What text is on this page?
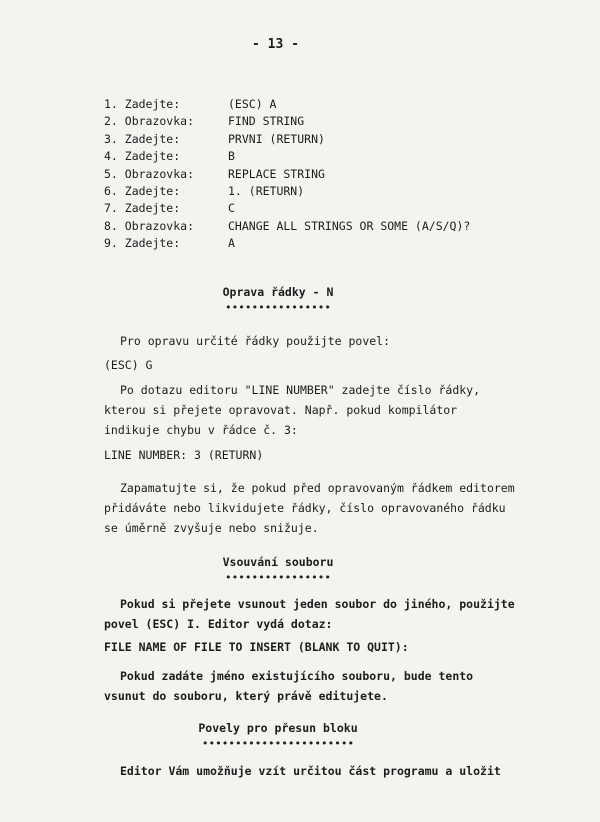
- 13 -
1. Zadejte:	(ESC) A
2. Obrazovka:	FIND STRING
3. Zadejte:	PRVNI (RETURN)
4. Zadejte:	B
5. Obrazovka:	REPLACE STRING
6. Zadejte:	1. (RETURN)
7. Zadejte:	C
8. Obrazovka:	CHANGE ALL STRINGS OR SOME (A/S/Q)?
9. Zadejte:	A
Oprava řádky - N
••••••••••••••••
Pro opravu určité řádky použijte povel:
(ESC) G
Po dotazu editoru "LINE NUMBER" zadejte číslo řádky, kterou si přejete opravovat. Např. pokud kompilátor indikuje chybu v řádce č. 3:
LINE NUMBER: 3 (RETURN)
Zapamatujte si, že pokud před opravovaným řádkem editorem přidáváte nebo likvidujete řádky, číslo opravovaného řádku se úměrně zvyšuje nebo snižuje.
Vsouvání souboru
••••••••••••••••
Pokud si přejete vsunout jeden soubor do jiného, použijte povel (ESC) I. Editor vydá dotaz:
FILE NAME OF FILE TO INSERT (BLANK TO QUIT):
Pokud zadáte jméno existujícího souboru, bude tento vsunut do souboru, který právě editujete.
Povely pro přesun bloku
•••••••••••••••••••••••
Editor Vám umožňuje vzít určitou část programu a uložit
